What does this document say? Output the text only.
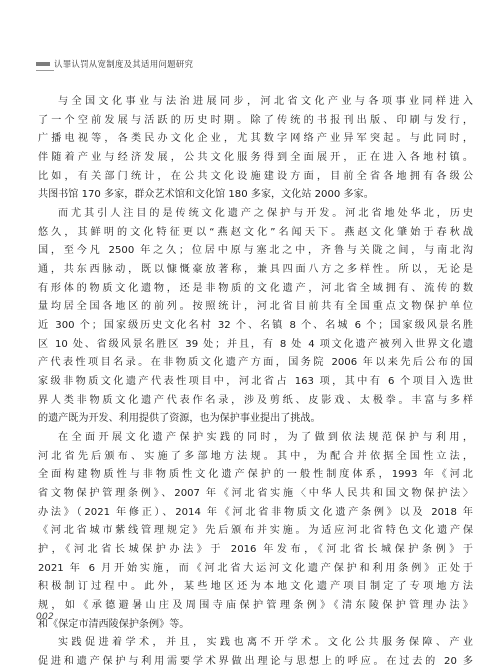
认罪认罚从宽制度及其适用问题研究
与全国文化事业与法治进展同步，河北省文化产业与各项事业同样进入
了一个空前发展与活跃的历史时期。除了传统的书报刊出版、印刷与发行，
广播电视等，各类民办文化企业，尤其数字网络产业异军突起。与此同时，
伴随着产业与经济发展，公共文化服务得到全面展开，正在进入各地村镇。
比如，有关部门统计，在公共文化设施建设方面，目前全省各地拥有各级公
共图书馆 170 多家，群众艺术馆和文化馆 180 多家，文化站 2000 多家。
而尤其引人注目的是传统文化遗产之保护与开发。河北省地处华北，历史
悠久，其鲜明的文化特征更以“燕赵文化”名闻天下。燕赵文化肇始于春秋战
国，至今凡 2500 年之久；位居中原与塞北之中，齐鲁与关陇之间，与南北沟
通，共东西脉动，既以慷慨豪放著称，兼具四面八方之多样性。所以，无论是
有形体的物质文化遗物，还是非物质的文化遗产，河北省全域拥有、流传的数
量均居全国各地区的前列。按照统计，河北省目前共有全国重点文物保护单位
近 300 个；国家级历史文化名村 32 个、名镇 8 个、名城 6 个；国家级风景名胜
区 10 处、省级风景名胜区 39 处；并且，有 8 处 4 项文化遗产被列入世界文化遗
产代表性项目名录。在非物质文化遗产方面，国务院 2006 年以来先后公布的国
家级非物质文化遗产代表性项目中，河北省占 163 项，其中有 6 个项目入选世
界人类非物质文化遗产代表作名录，涉及剪纸、皮影戏、太极拳。丰富与多样
的遗产既为开发、利用提供了资源，也为保护事业提出了挑战。
在全面开展文化遗产保护实践的同时，为了做到依法规范保护与利用，
河北省先后颁布、实施了多部地方法规。其中，为配合并依据全国性立法，
全面构建物质性与非物质性文化遗产保护的一般性制度体系，1993 年《河北
省文物保护管理条例》、2007 年《河北省实施〈中华人民共和国文物保护法〉
办法》（2021 年修正）、2014 年《河北省非物质文化遗产条例》以及 2018 年
《河北省城市紫线管理规定》先后颁布并实施。为适应河北省特色文化遗产保
护，《河北省长城保护办法》于 2016 年发布，《河北省长城保护条例》于
2021 年 6 月开始实施，而《河北省大运河文化遗产保护和利用条例》正处于
积极制订过程中。此外，某些地区还为本地文化遗产项目制定了专项地方法
规，如《承德避暑山庄及周围寺庙保护管理条例》《清东陵保护管理办法》
和《保定市清西陵保护条例》等。
实践促进着学术，并且，实践也离不开学术。文化公共服务保障、产业
促进和遗产保护与利用需要学术界做出理论与思想上的呼应。在过去的 20 多
002
